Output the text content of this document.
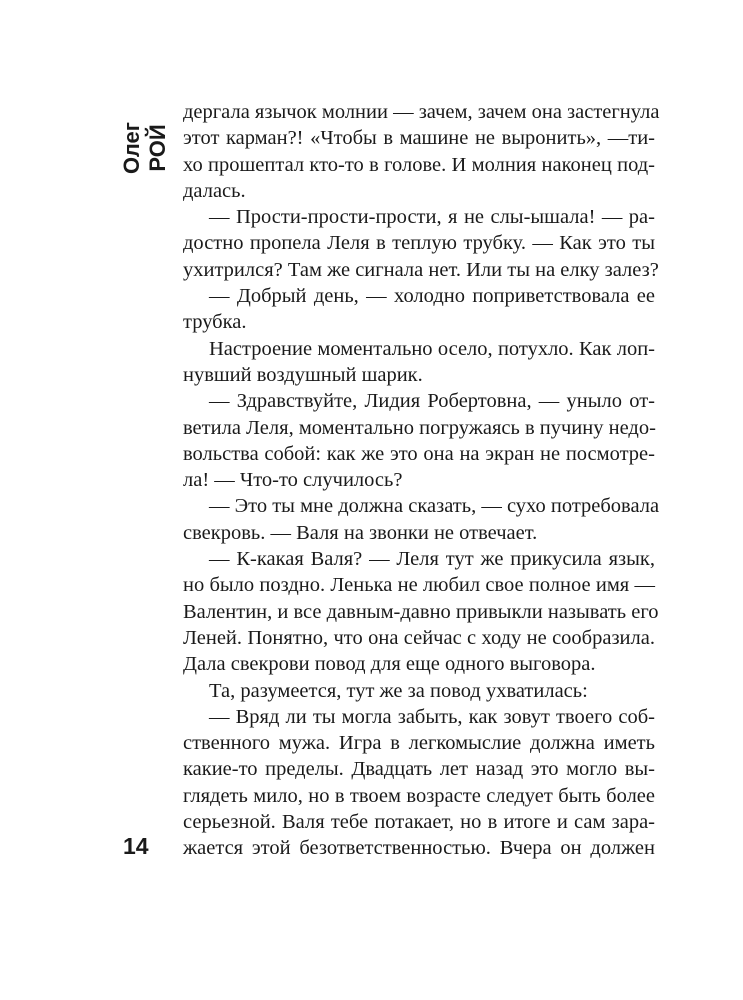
Олег РОЙ
14
дергала язычок молнии — зачем, зачем она застегнула
этот карман?! «Чтобы в машине не выронить», —ти-
хо прошептал кто-то в голове. И молния наконец под-
далась.
— Прости-прости-прости, я не слы-ышала! — ра-
достно пропела Леля в теплую трубку. — Как это ты
ухитрился? Там же сигнала нет. Или ты на елку залез?
— Добрый день, — холодно поприветствовала ее
трубка.
Настроение моментально осело, потухло. Как лоп-
нувший воздушный шарик.
— Здравствуйте, Лидия Робертовна, — уныло от-
ветила Леля, моментально погружаясь в пучину недо-
вольства собой: как же это она на экран не посмотре-
ла! — Что-то случилось?
— Это ты мне должна сказать, — сухо потребовала
свекровь. — Валя на звонки не отвечает.
— К-какая Валя? — Леля тут же прикусила язык,
но было поздно. Ленька не любил свое полное имя —
Валентин, и все давным-давно привыкли называть его
Леней. Понятно, что она сейчас с ходу не сообразила.
Дала свекрови повод для еще одного выговора.
Та, разумеется, тут же за повод ухватилась:
— Вряд ли ты могла забыть, как зовут твоего соб-
ственного мужа. Игра в легкомыслие должна иметь
какие-то пределы. Двадцать лет назад это могло вы-
глядеть мило, но в твоем возрасте следует быть более
серьезной. Валя тебе потакает, но в итоге и сам зара-
жается этой безответственностью. Вчера он должен
